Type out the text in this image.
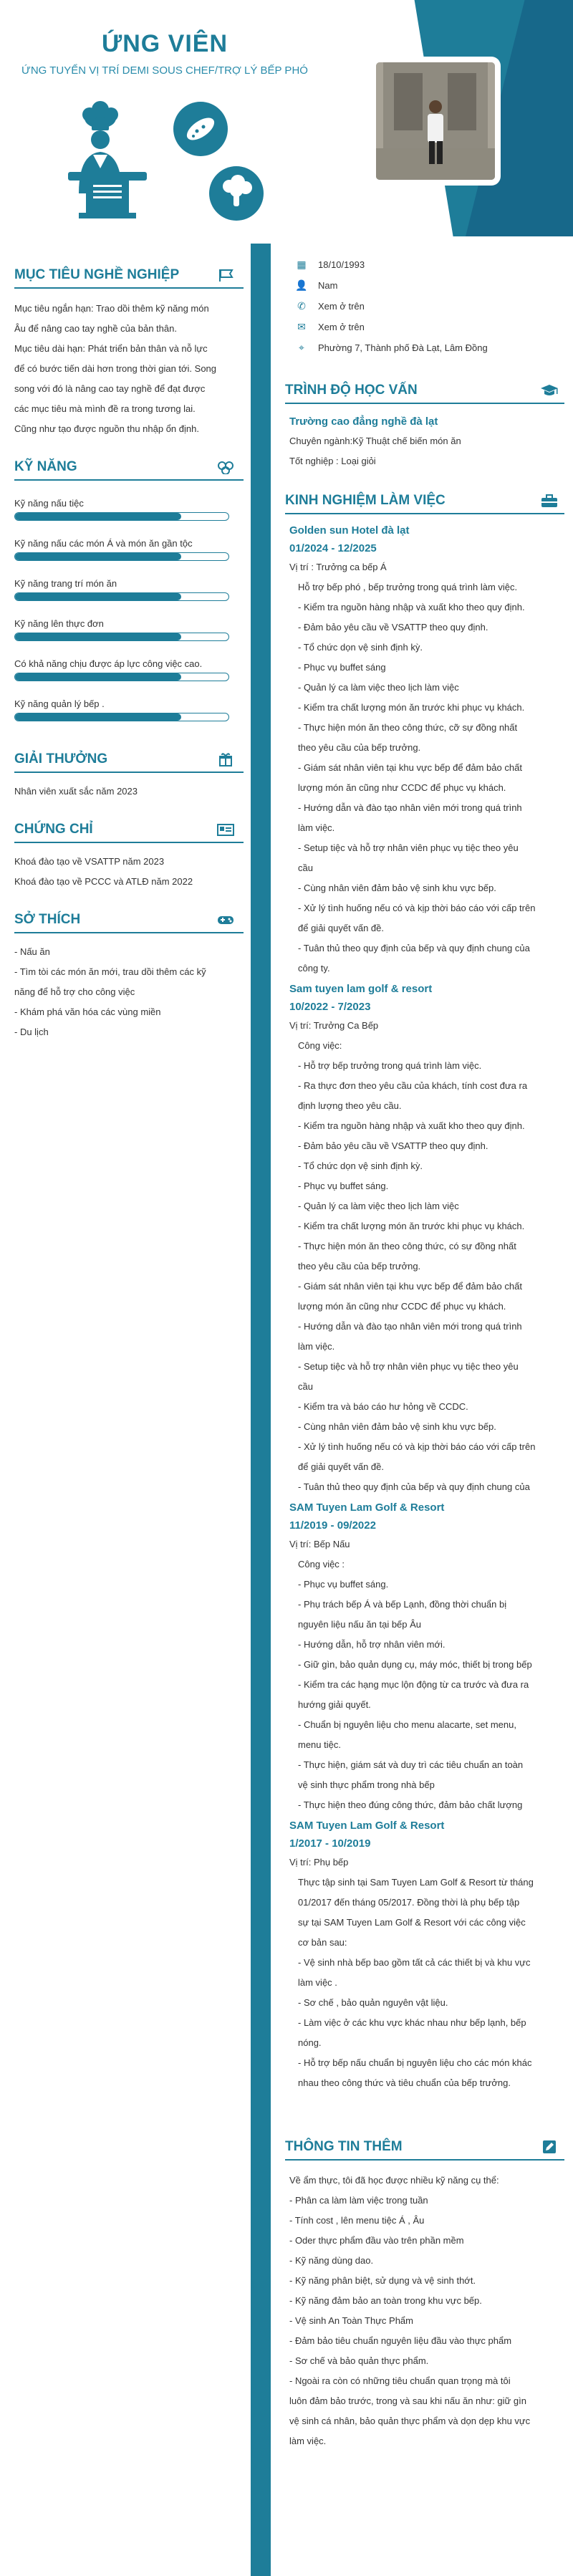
ỨNG VIÊN
ỨNG TUYỂN VỊ TRÍ DEMI SOUS CHEF/TRỢ LÝ BẾP PHÓ
MỤC TIÊU NGHỀ NGHIỆP
Mục tiêu ngắn hạn: Trao dồi thêm kỹ năng món
Âu để nâng cao tay nghề của bản thân.
Mục tiêu dài hạn: Phát triển bản thân và nỗ lực
để có bước tiến dài hơn trong thời gian tới. Song
song với đó là nâng cao tay nghề để đạt được
các mục tiêu mà mình đề ra trong tương lai.
Cũng như tạo được nguồn thu nhập ổn định.
KỸ NĂNG
Kỹ năng nấu tiệc
Kỹ năng nấu các món Á và món ăn gần tộc
Kỹ năng trang trí món ăn
Kỹ năng lên thực đơn
Có khả năng chịu được áp lực công việc cao.
Kỹ năng quản lý bếp .
GIẢI THƯỞNG
Nhân viên xuất sắc năm 2023
CHỨNG CHỈ
Khoá đào tạo về VSATTP năm 2023
Khoá đào tạo về PCCC và ATLĐ năm 2022
SỞ THÍCH
- Nấu ăn
- Tìm tòi các món ăn mới, trau dồi thêm các kỹ
năng để hỗ trợ cho công việc
- Khám phá văn hóa các vùng miền
- Du lịch
▦	18/10/1993
👤 Nam
✆	Xem ở trên
✉	Xem ở trên
⌖	Phường 7, Thành phố Đà Lạt, Lâm Đồng
TRÌNH ĐỘ HỌC VẤN
Trường cao đẳng nghề đà lạt
Chuyên ngành:Kỹ Thuật chế biến món ăn
Tốt nghiệp : Loại giỏi
KINH NGHIỆM LÀM VIỆC
Golden sun Hotel đà lạt
01/2024 - 12/2025
Vị trí : Trưởng ca bếp Á
Hỗ trợ bếp phó , bếp trưởng trong quá trình làm việc.
- Kiểm tra nguồn hàng nhập và xuất kho theo quy định.
- Đảm bảo yêu cầu về VSATTP theo quy định.
- Tổ chức dọn vệ sinh định kỳ.
- Phục vụ buffet sáng
- Quản lý ca làm việc theo lịch làm việc
- Kiểm tra chất lượng món ăn trước khi phục vụ khách.
- Thực hiện món ăn theo công thức, cỡ sự đồng nhất
theo yêu cầu của bếp trưởng.
- Giám sát nhân viên tại khu vực bếp để đảm bảo chất
lượng món ăn cũng như CCDC để phục vụ khách.
- Hướng dẫn và đào tạo nhân viên mới trong quá trình
làm việc.
- Setup tiệc và hỗ trợ nhân viên phục vụ tiệc theo yêu
cầu
- Cùng nhân viên đảm bảo vệ sinh khu vực bếp.
- Xử lý tình huống nếu có và kịp thời báo cáo với cấp trên
để giải quyết vấn đề.
- Tuân thủ theo quy định của bếp và quy định chung của
công ty.
Sam tuyen lam golf & resort
10/2022 - 7/2023
Vị trí: Trưởng Ca Bếp
Công việc:
- Hỗ trợ bếp trưởng trong quá trình làm việc.
- Ra thực đơn theo yêu cầu của khách, tính cost đưa ra
định lượng theo yêu cầu.
- Kiểm tra nguồn hàng nhập và xuất kho theo quy định.
- Đảm bảo yêu cầu về VSATTP theo quy định.
- Tổ chức dọn vệ sinh định kỳ.
- Phục vụ buffet sáng.
- Quản lý ca làm việc theo lịch làm việc
- Kiểm tra chất lượng món ăn trước khi phục vụ khách.
- Thực hiện món ăn theo công thức, có sự đồng nhất
theo yêu cầu của bếp trưởng.
- Giám sát nhân viên tại khu vực bếp để đảm bảo chất
lượng món ăn cũng như CCDC để phục vụ khách.
- Hướng dẫn và đào tạo nhân viên mới trong quá trình
làm việc.
- Setup tiệc và hỗ trợ nhân viên phục vụ tiệc theo yêu
cầu
- Kiểm tra và báo cáo hư hỏng về CCDC.
- Cùng nhân viên đảm bảo vệ sinh khu vực bếp.
- Xử lý tình huống nếu có và kịp thời báo cáo với cấp trên
để giải quyết vấn đề.
- Tuân thủ theo quy định của bếp và quy định chung của
SAM Tuyen Lam Golf & Resort
11/2019 - 09/2022
Vị trí: Bếp Nấu
Công việc :
- Phục vụ buffet sáng.
- Phụ trách bếp Á và bếp Lạnh, đồng thời chuẩn bị
nguyên liệu nấu ăn tại bếp Âu
- Hướng dẫn, hỗ trợ nhân viên mới.
- Giữ gìn, bảo quản dụng cụ, máy móc, thiết bị trong bếp
- Kiểm tra các hạng mục lộn động từ ca trước và đưa ra
hướng giải quyết.
- Chuẩn bị nguyên liệu cho menu alacarte, set menu,
menu tiệc.
- Thực hiện, giám sát và duy trì các tiêu chuẩn an toàn
vệ sinh thực phẩm trong nhà bếp
- Thực hiện theo đúng công thức, đảm bảo chất lượng
SAM Tuyen Lam Golf & Resort
1/2017 - 10/2019
Vị trí: Phụ bếp
Thực tập sinh tại Sam Tuyen Lam Golf & Resort từ tháng
01/2017 đến tháng 05/2017. Đồng thời là phụ bếp tập
sự tại SAM Tuyen Lam Golf & Resort với các công việc
cơ bản sau:
- Vệ sinh nhà bếp bao gồm tất cả các thiết bị và khu vực
làm việc .
- Sơ chế , bảo quản nguyên vật liệu.
- Làm việc ở các khu vực khác nhau như bếp lạnh, bếp
nóng.
- Hỗ trợ bếp nấu chuẩn bị nguyên liệu cho các món khác
nhau theo công thức và tiêu chuẩn của bếp trưởng.
THÔNG TIN THÊM
Về ẩm thực, tôi đã học được nhiều kỹ năng cụ thể:
- Phân ca làm làm việc trong tuần
- Tính cost , lên menu tiệc Á , Âu
- Oder thực phẩm đầu vào trên phần mềm
- Kỹ năng dùng dao.
- Kỹ năng phân biệt, sử dụng và vệ sinh thớt.
- Kỹ năng đảm bảo an toàn trong khu vực bếp.
- Vệ sinh An Toàn Thực Phẩm
- Đảm bảo tiêu chuẩn nguyên liệu đầu vào thực phẩm
- Sơ chế và bảo quản thực phẩm.
- Ngoài ra còn có những tiêu chuẩn quan trọng mà tôi
luôn đảm bảo trước, trong và sau khi nấu ăn như: giữ gìn
vệ sinh cá nhân, bảo quản thực phẩm và dọn dẹp khu vực
làm việc.
